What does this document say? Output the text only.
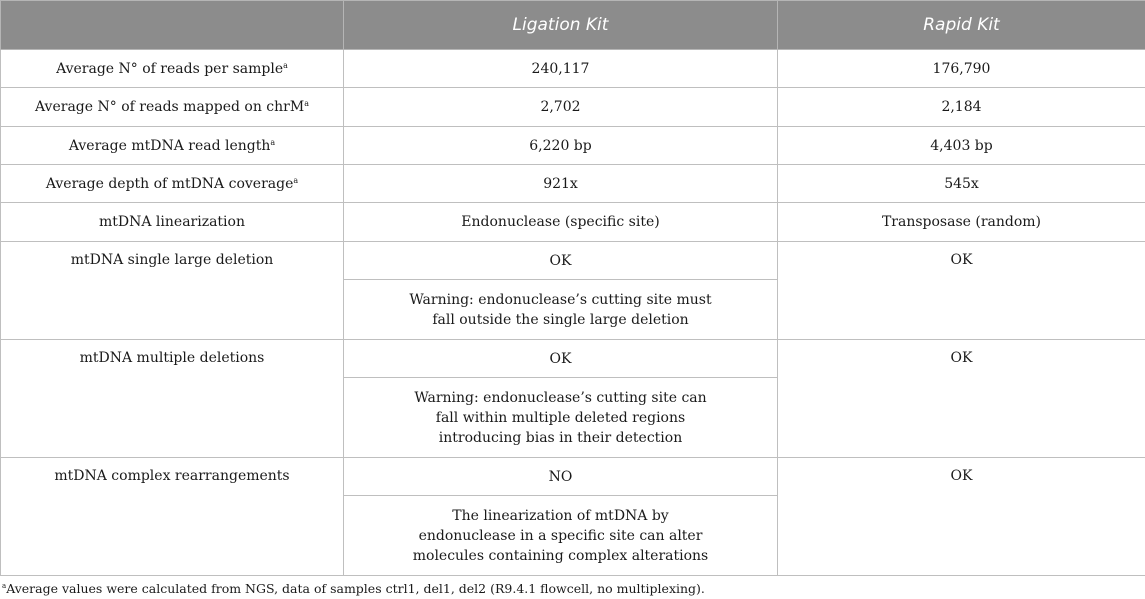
	Ligation Kit	Rapid Kit
Average N° of reads per sample$^a$	240,117	176,790
Average N° of reads mapped on chrM$^a$	2,702	2,184
Average mtDNA read length$^a$	6,220 bp	4,403 bp
Average depth of mtDNA coverage$^a$	921x	545x
mtDNA linearization	Endonuclease (specific site)	Transposase (random)
mtDNA single large deletion	OK	OK

	Warning: endonuclease’s cutting site must
fall outside the single large deletion	

mtDNA multiple deletions	OK	OK

	Warning: endonuclease’s cutting site can
fall within multiple deleted regions
introducing bias in their detection	

mtDNA complex rearrangements	NO	OK

	The linearization of mtDNA by
endonuclease in a specific site can alter
molecules containing complex alterations	
$^a$Average values were calculated from NGS, data of samples ctrl1, del1, del2 (R9.4.1 flowcell, no multiplexing).
